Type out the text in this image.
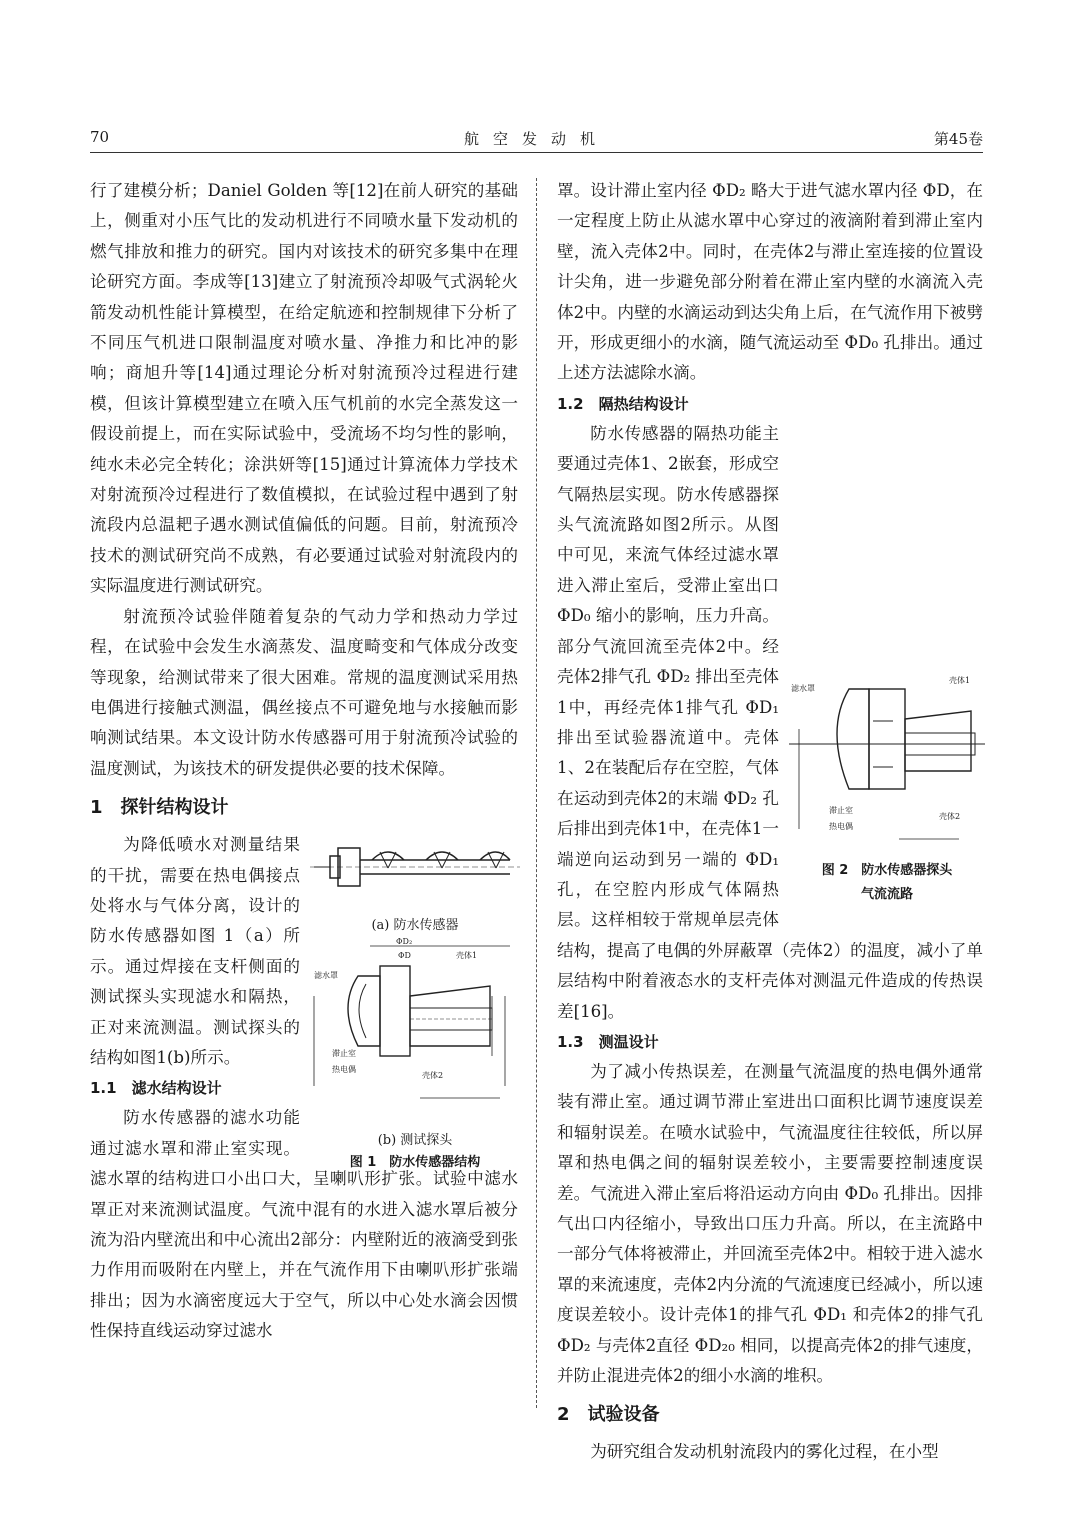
70	航空发动机	第45卷

行了建模分析；Daniel Golden 等[12]在前人研究的基础上，侧重对小压气比的发动机进行不同喷水量下发动机的燃气排放和推力的研究。国内对该技术的研究多集中在理论研究方面。李成等[13]建立了射流预冷却吸气式涡轮火箭发动机性能计算模型，在给定航迹和控制规律下分析了不同压气机进口限制温度对喷水量、净推力和比冲的影响；商旭升等[14]通过理论分析对射流预冷过程进行建模，但该计算模型建立在喷入压气机前的水完全蒸发这一假设前提上，而在实际试验中，受流场不均匀性的影响，纯水未必完全转化；涂洪妍等[15]通过计算流体力学技术对射流预冷过程进行了数值模拟，在试验过程中遇到了射流段内总温耙子遇水测试值偏低的问题。目前，射流预冷技术的测试研究尚不成熟，有必要通过试验对射流段内的实际温度进行测试研究。

射流预冷试验伴随着复杂的气动力学和热动力学过程，在试验中会发生水滴蒸发、温度畸变和气体成分改变等现象，给测试带来了很大困难。常规的温度测试采用热电偶进行接触式测温，偶丝接点不可避免地与水接触而影响测试结果。本文设计防水传感器可用于射流预冷试验的温度测试，为该技术的研发提供必要的技术保障。

1　探针结构设计

(a) 防水传感器
ΦD₂
ΦD	壳体1
滤水罩
滞止室
热电偶
壳体2
(b) 测试探头
图 1　防水传感器结构

为降低喷水对测量结果的干扰，需要在热电偶接点处将水与气体分离，设计的防水传感器如图 1（a）所示。通过焊接在支杆侧面的测试探头实现滤水和隔热，正对来流测温。测试探头的结构如图1(b)所示。

1.1　滤水结构设计

防水传感器的滤水功能通过滤水罩和滞止室实现。滤水罩的结构进口小出口大，呈喇叭形扩张。试验中滤水罩正对来流测试温度。气流中混有的水进入滤水罩后被分流为沿内壁流出和中心流出2部分：内壁附近的液滴受到张力作用而吸附在内壁上，并在气流作用下由喇叭形扩张端排出；因为水滴密度远大于空气，所以中心处水滴会因惯性保持直线运动穿过滤水

罩。设计滞止室内径 ΦD₂ 略大于进气滤水罩内径 ΦD，在一定程度上防止从滤水罩中心穿过的液滴附着到滞止室内壁，流入壳体2中。同时，在壳体2与滞止室连接的位置设计尖角，进一步避免部分附着在滞止室内壁的水滴流入壳体2中。内壁的水滴运动到达尖角上后，在气流作用下被劈开，形成更细小的水滴，随气流运动至 ΦD₀ 孔排出。通过上述方法滤除水滴。

1.2　隔热结构设计

壳体1
滤水罩
滞止室
热电偶
壳体2
图 2　防水传感器探头
气流流路

防水传感器的隔热功能主要通过壳体1、2嵌套，形成空气隔热层实现。防水传感器探头气流流路如图2所示。从图中可见，来流气体经过滤水罩进入滞止室后，受滞止室出口 ΦD₀ 缩小的影响，压力升高。部分气流回流至壳体2中。经壳体2排气孔 ΦD₂ 排出至壳体1中，再经壳体1排气孔 ΦD₁ 排出至试验器流道中。壳体1、2在装配后存在空腔，气体在运动到壳体2的末端 ΦD₂ 孔后排出到壳体1中，在壳体1一端逆向运动到另一端的 ΦD₁ 孔，在空腔内形成气体隔热层。这样相较于常规单层壳体结构，提高了电偶的外屏蔽罩（壳体2）的温度，减小了单层结构中附着液态水的支杆壳体对测温元件造成的传热误差[16]。

1.3　测温设计

为了减小传热误差，在测量气流温度的热电偶外通常装有滞止室。通过调节滞止室进出口面积比调节速度误差和辐射误差。在喷水试验中，气流温度往往较低，所以屏罩和热电偶之间的辐射误差较小，主要需要控制速度误差。气流进入滞止室后将沿运动方向由 ΦD₀ 孔排出。因排气出口内径缩小，导致出口压力升高。所以，在主流路中一部分气体将被滞止，并回流至壳体2中。相较于进入滤水罩的来流速度，壳体2内分流的气流速度已经减小，所以速度误差较小。设计壳体1的排气孔 ΦD₁ 和壳体2的排气孔 ΦD₂ 与壳体2直径 ΦD₂₀ 相同，以提高壳体2的排气速度，并防止混进壳体2的细小水滴的堆积。

2　试验设备

为研究组合发动机射流段内的雾化过程，在小型
